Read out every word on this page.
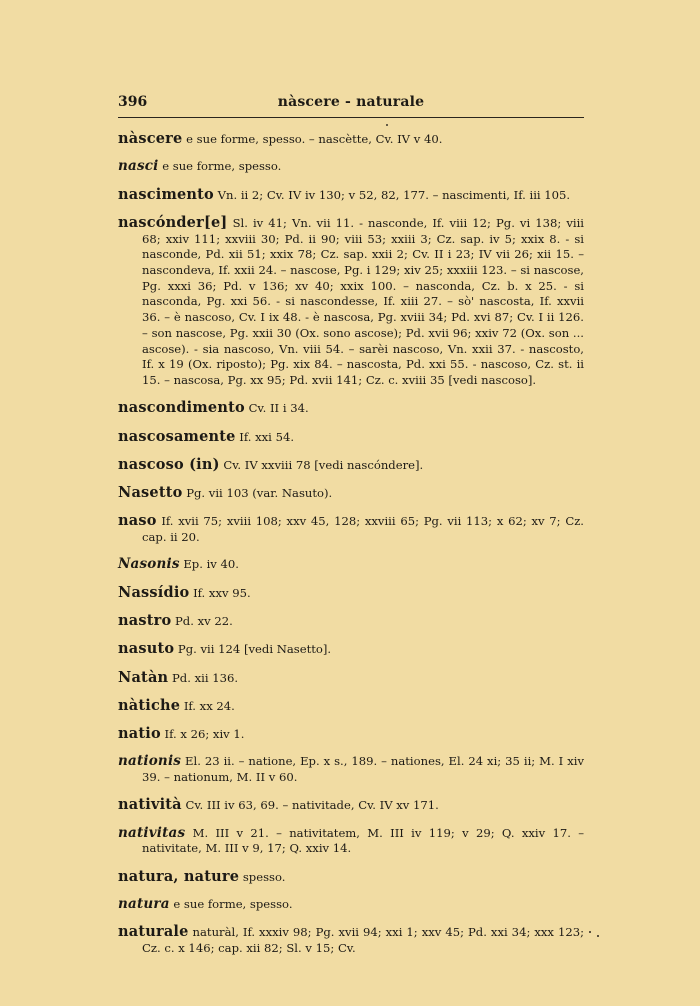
396	nàscere - naturale

nàscere e sue forme, spesso. – nascètte, Cv. IV v 40.

nasci e sue forme, spesso.

nascimento Vn. ii 2; Cv. IV iv 130; v 52, 82, 177. – nascimenti, If. iii 105.

nascónder[e] Sl. iv 41; Vn. vii 11. - nasconde, If. viii 12; Pg. vi 138; viii 68; xxiv 111; xxviii 30; Pd. ii 90; viii 53; xxiii 3; Cz. sap. iv 5; xxix 8. - si nasconde, Pd. xii 51; xxix 78; Cz. sap. xxii 2; Cv. II i 23; IV vii 26; xii 15. – nascondeva, If. xxii 24. – nascose, Pg. i 129; xiv 25; xxxiii 123. – si nascose, Pg. xxxi 36; Pd. v 136; xv 40; xxix 100. – nasconda, Cz. b. x 25. - si nasconda, Pg. xxi 56. - si nascondesse, If. xiii 27. – sò' nascosta, If. xxvii 36. – è nascoso, Cv. I ix 48. - è nascosa, Pg. xviii 34; Pd. xvi 87; Cv. I ii 126. – son nascose, Pg. xxii 30 (Ox. sono ascose); Pd. xvii 96; xxiv 72 (Ox. son ... ascose). - sia nascoso, Vn. viii 54. – sarèi nascoso, Vn. xxii 37. - nascosto, If. x 19 (Ox. riposto); Pg. xix 84. – nascosta, Pd. xxi 55. - nascoso, Cz. st. ii 15. – nascosa, Pg. xx 95; Pd. xvii 141; Cz. c. xviii 35 [vedi nascoso].

nascondimento Cv. II i 34.

nascosamente If. xxi 54.

nascoso (in) Cv. IV xxviii 78 [vedi nascóndere].

Nasetto Pg. vii 103 (var. Nasuto).

naso If. xvii 75; xviii 108; xxv 45, 128; xxviii 65; Pg. vii 113; x 62; xv 7; Cz. cap. ii 20.

Nasonis Ep. iv 40.

Nassídio If. xxv 95.

nastro Pd. xv 22.

nasuto Pg. vii 124 [vedi Nasetto].

Natàn Pd. xii 136.

nàtiche If. xx 24.

natio If. x 26; xiv 1.

nationis El. 23 ii. – natione, Ep. x s., 189. – nationes, El. 24 xi; 35 ii; M. I xiv 39. – nationum, M. II v 60.

natività Cv. III iv 63, 69. – nativitade, Cv. IV xv 171.

nativitas M. III v 21. – nativitatem, M. III iv 119; v 29; Q. xxiv 17. – nativitate, M. III v 9, 17; Q. xxiv 14.

natura, nature spesso.

natura e sue forme, spesso.

naturale naturàl, If. xxxiv 98; Pg. xvii 94; xxi 1; xxv 45; Pd. xxi 34; xxx 123; Cz. c. x 146; cap. xii 82; Sl. v 15; Cv.
